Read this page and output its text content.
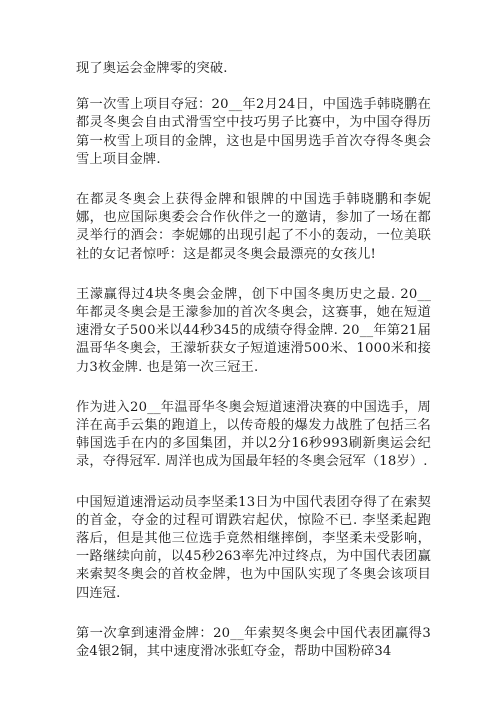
现了奥运会金牌零的突破.

第一次雪上项目夺冠：20__年2月24日，中国选手韩晓鹏在都灵冬奥会自由式滑雪空中技巧男子比赛中，为中国夺得历第一枚雪上项目的金牌，这也是中国男选手首次夺得冬奥会雪上项目金牌.

在都灵冬奥会上获得金牌和银牌的中国选手韩晓鹏和李妮娜，也应国际奥委会合作伙伴之一的邀请，参加了一场在都灵举行的酒会：李妮娜的出现引起了不小的轰动，一位美联社的女记者惊呼：这是都灵冬奥会最漂亮的女孩儿!

王濛赢得过4块冬奥会金牌，创下中国冬奥历史之最. 20__年都灵冬奥会是王濛参加的首次冬奥会，这赛事，她在短道速滑女子500米以44秒345的成绩夺得金牌. 20__年第21届温哥华冬奥会，王濛斩获女子短道速滑500米、1000米和接力3枚金牌. 也是第一次三冠王.

作为进入20__年温哥华冬奥会短道速滑决赛的中国选手，周洋在高手云集的跑道上，以传奇般的爆发力战胜了包括三名韩国选手在内的多国集团，并以2分16秒993刷新奥运会纪录，夺得冠军. 周洋也成为国最年轻的冬奥会冠军（18岁）.

中国短道速滑运动员李坚柔13日为中国代表团夺得了在索契的首金，夺金的过程可谓跌宕起伏，惊险不已. 李坚柔起跑落后，但是其他三位选手竟然相继摔倒，李坚柔未受影响，一路继续向前，以45秒263率先冲过终点，为中国代表团赢来索契冬奥会的首枚金牌，也为中国队实现了冬奥会该项目四连冠.

第一次拿到速滑金牌：20__年索契冬奥会中国代表团赢得3金4银2铜，其中速度滑冰张虹夺金，帮助中国粉碎34
